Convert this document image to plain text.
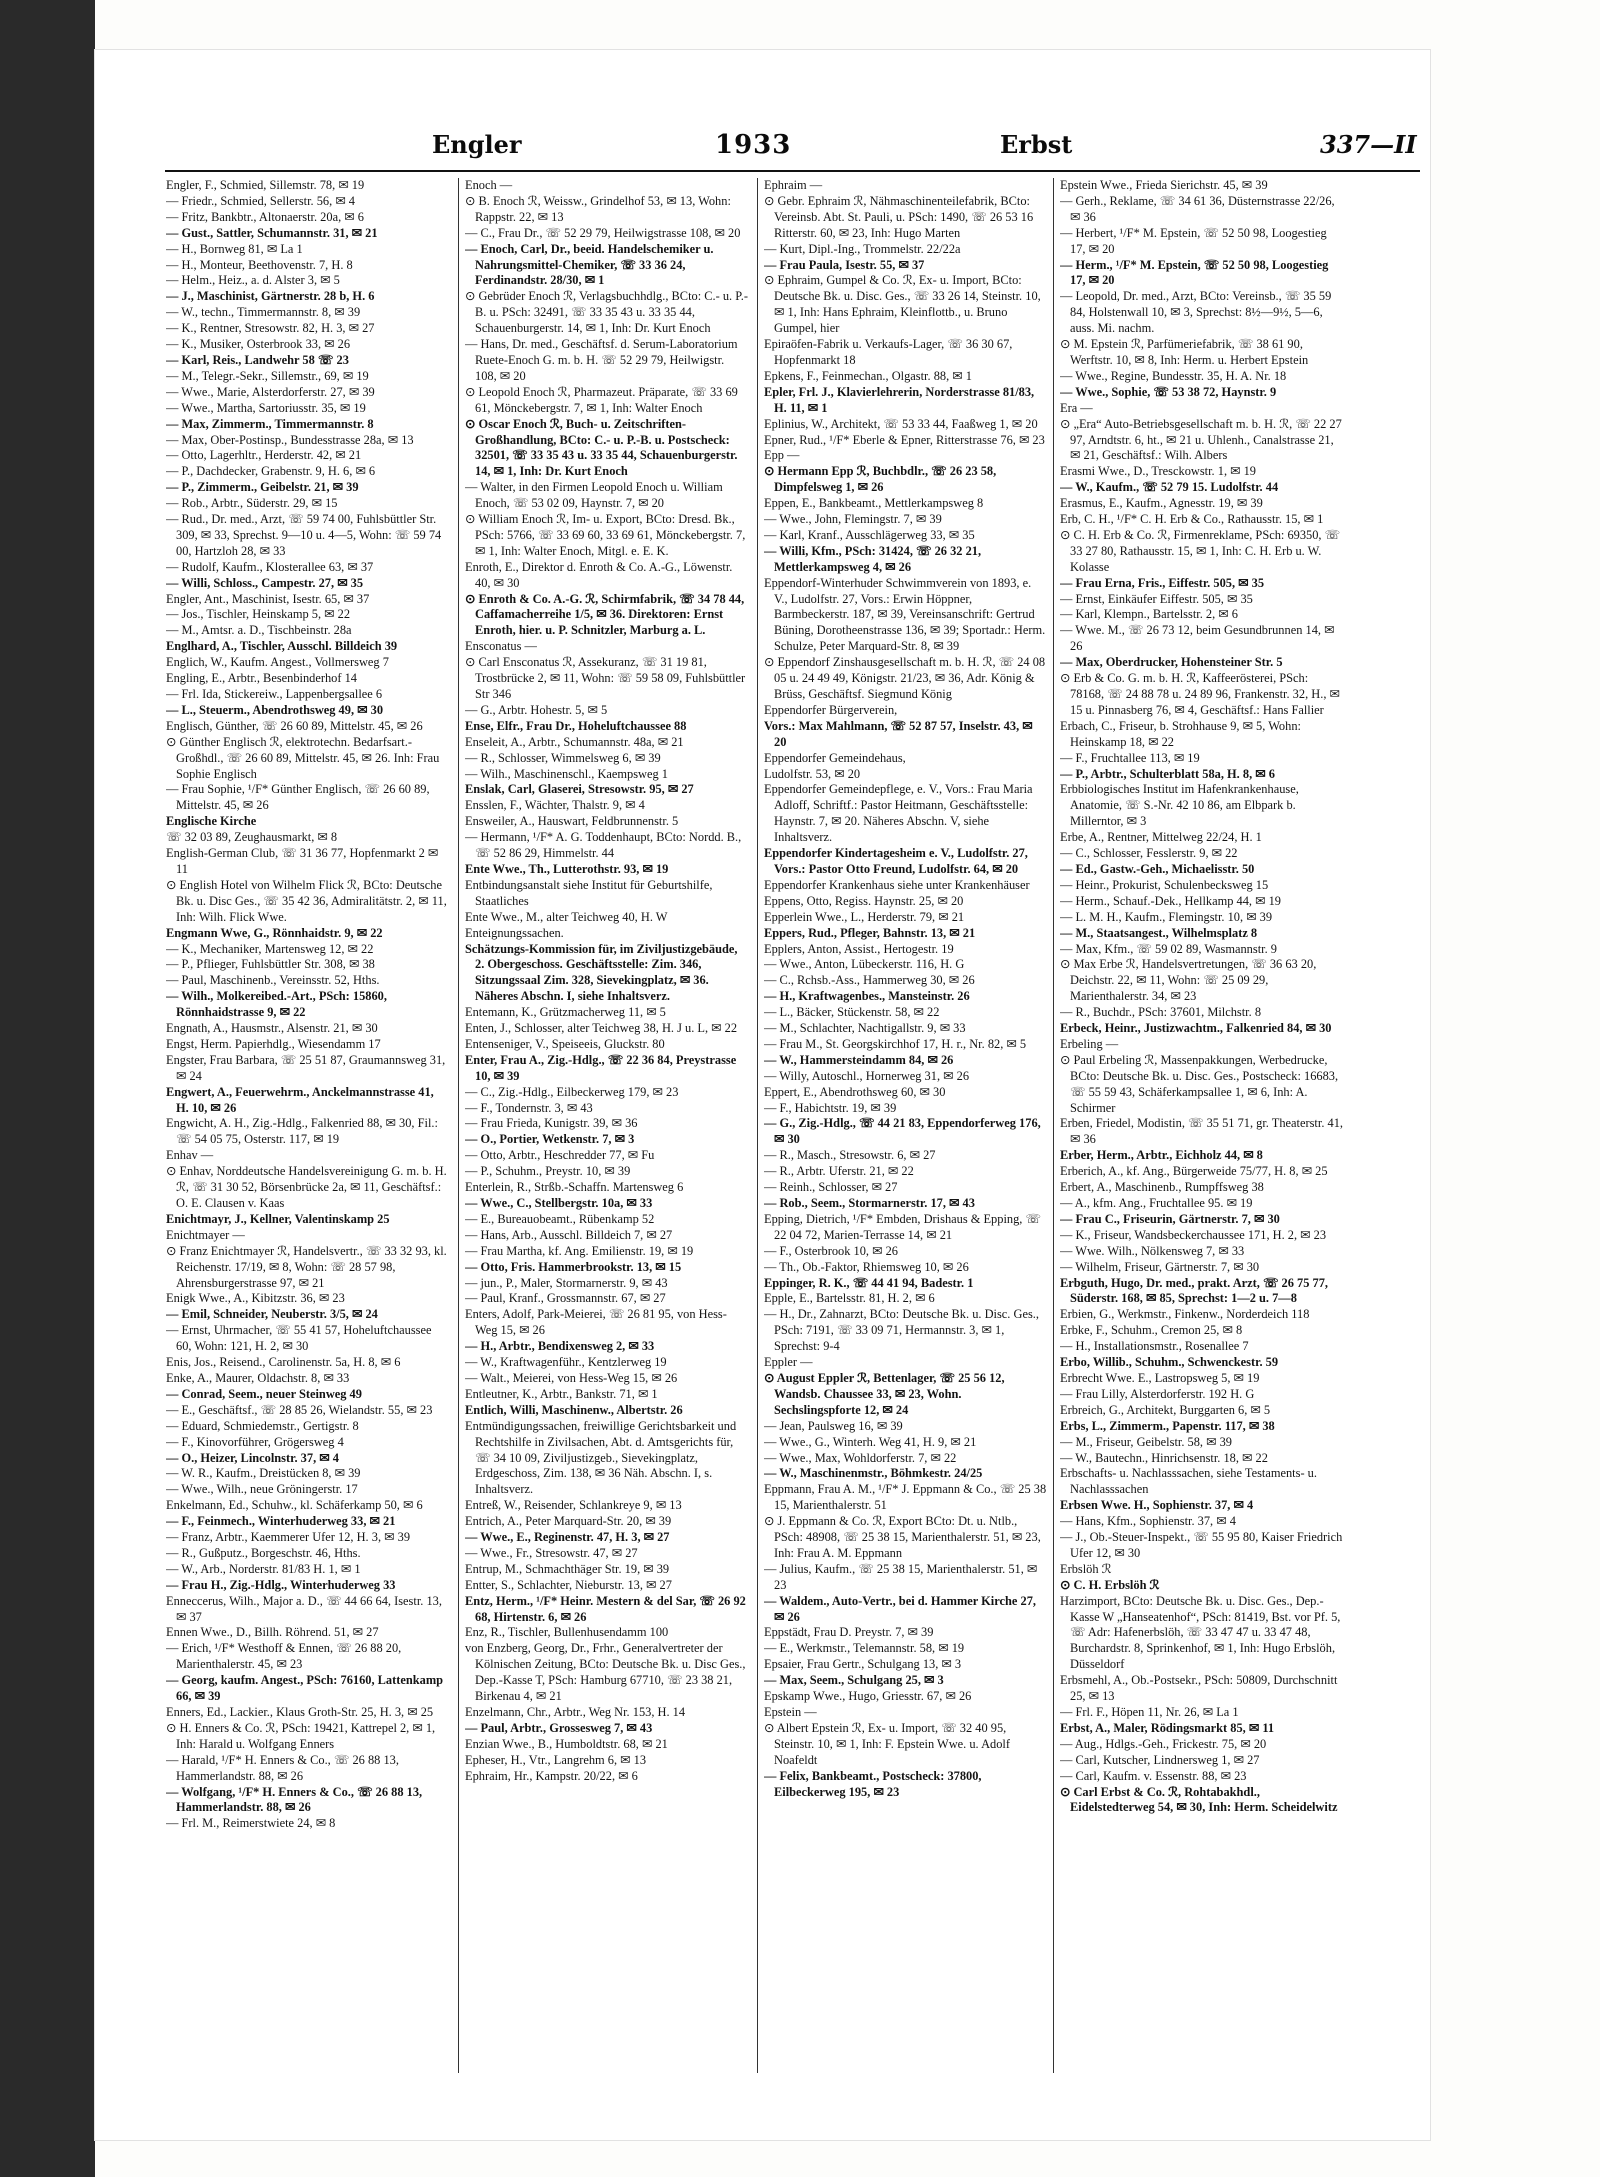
Engler	1933	Erbst	337—II

Engler, F., Schmied, Sillemstr. 78, ✉ 19

— Friedr., Schmied, Sellerstr. 56, ✉ 4

— Fritz, Bankbtr., Altonaerstr. 20a, ✉ 6

— Gust., Sattler, Schumannstr. 31, ✉ 21

— H., Bornweg 81, ✉ La 1

— H., Monteur, Beethovenstr. 7, H. 8

— Helm., Heiz., a. d. Alster 3, ✉ 5

— J., Maschinist, Gärtnerstr. 28 b, H. 6

— W., techn., Timmermannstr. 8, ✉ 39

— K., Rentner, Stresowstr. 82, H. 3, ✉ 27

— K., Musiker, Osterbrook 33, ✉ 26

— Karl, Reis., Landwehr 58 ☏ 23

— M., Telegr.-Sekr., Sillemstr., 69, ✉ 19

— Wwe., Marie, Alsterdorferstr. 27, ✉ 39

— Wwe., Martha, Sartoriusstr. 35, ✉ 19

— Max, Zimmerm., Timmermannstr. 8

— Max, Ober-Postinsp., Bundesstrasse 28a, ✉ 13

— Otto, Lagerhltr., Herderstr. 42, ✉ 21

— P., Dachdecker, Grabenstr. 9, H. 6, ✉ 6

— P., Zimmerm., Geibelstr. 21, ✉ 39

— Rob., Arbtr., Süderstr. 29, ✉ 15

— Rud., Dr. med., Arzt, ☏ 59 74 00, Fuhlsbüttler Str. 309, ✉ 33, Sprechst. 9—10 u. 4—5, Wohn: ☏ 59 74 00, Hartzloh 28, ✉ 33

— Rudolf, Kaufm., Klosterallee 63, ✉ 37

— Willi, Schloss., Campestr. 27, ✉ 35

Engler, Ant., Maschinist, Isestr. 65, ✉ 37

— Jos., Tischler, Heinskamp 5, ✉ 22

— M., Amtsr. a. D., Tischbeinstr. 28a

Englhard, A., Tischler, Ausschl. Billdeich 39

Englich, W., Kaufm. Angest., Vollmersweg 7

Engling, E., Arbtr., Besenbinderhof 14

— Frl. Ida, Stickereiw., Lappenbergsallee 6

— L., Steuerm., Abendrothsweg 49, ✉ 30

Englisch, Günther, ☏ 26 60 89, Mittelstr. 45, ✉ 26

⊙ Günther Englisch ℛ, elektrotechn. Bedarfsart.-Großhdl., ☏ 26 60 89, Mittelstr. 45, ✉ 26. Inh: Frau Sophie Englisch

— Frau Sophie, ¹/F* Günther Englisch, ☏ 26 60 89, Mittelstr. 45, ✉ 26

Englische Kirche

☏ 32 03 89, Zeughausmarkt, ✉ 8

English-German Club, ☏ 31 36 77, Hopfenmarkt 2 ✉ 11

⊙ English Hotel von Wilhelm Flick ℛ, BCto: Deutsche Bk. u. Disc Ges., ☏ 35 42 36, Admiralitätstr. 2, ✉ 11, Inh: Wilh. Flick Wwe.

Engmann Wwe, G., Rönnhaidstr. 9, ✉ 22

— K., Mechaniker, Martensweg 12, ✉ 22

— P., Pflieger, Fuhlsbüttler Str. 308, ✉ 38

— Paul, Maschinenb., Vereinsstr. 52, Hths.

— Wilh., Molkereibed.-Art., PSch: 15860, Rönnhaidstrasse 9, ✉ 22

Engnath, A., Hausmstr., Alsenstr. 21, ✉ 30

Engst, Herm. Papierhdlg., Wiesendamm 17

Engster, Frau Barbara, ☏ 25 51 87, Graumannsweg 31, ✉ 24

Engwert, A., Feuerwehrm., Anckelmannstrasse 41, H. 10, ✉ 26

Engwicht, A. H., Zig.-Hdlg., Falkenried 88, ✉ 30, Fil.: ☏ 54 05 75, Osterstr. 117, ✉ 19

Enhav —

⊙ Enhav, Norddeutsche Handelsvereinigung G. m. b. H. ℛ, ☏ 31 30 52, Börsenbrücke 2a, ✉ 11, Geschäftsf.: O. E. Clausen v. Kaas

Enichtmayr, J., Kellner, Valentinskamp 25

Enichtmayer —

⊙ Franz Enichtmayer ℛ, Handelsvertr., ☏ 33 32 93, kl. Reichenstr. 17/19, ✉ 8, Wohn: ☏ 28 57 98, Ahrensburgerstrasse 97, ✉ 21

Enigk Wwe., A., Kibitzstr. 36, ✉ 23

— Emil, Schneider, Neuberstr. 3/5, ✉ 24

— Ernst, Uhrmacher, ☏ 55 41 57, Hoheluftchaussee 60, Wohn: 121, H. 2, ✉ 30

Enis, Jos., Reisend., Carolinenstr. 5a, H. 8, ✉ 6

Enke, A., Maurer, Oldachstr. 8, ✉ 33

— Conrad, Seem., neuer Steinweg 49

— E., Geschäftsf., ☏ 28 85 26, Wielandstr. 55, ✉ 23

— Eduard, Schmiedemstr., Gertigstr. 8

— F., Kinovorführer, Grögersweg 4

— O., Heizer, Lincolnstr. 37, ✉ 4

— W. R., Kaufm., Dreistücken 8, ✉ 39

— Wwe., Wilh., neue Gröningerstr. 17

Enkelmann, Ed., Schuhw., kl. Schäferkamp 50, ✉ 6

— F., Feinmech., Winterhuderweg 33, ✉ 21

— Franz, Arbtr., Kaemmerer Ufer 12, H. 3, ✉ 39

— R., Gußputz., Borgeschstr. 46, Hths.

— W., Arb., Norderstr. 81/83 H. 1, ✉ 1

— Frau H., Zig.-Hdlg., Winterhuderweg 33

Enneccerus, Wilh., Major a. D., ☏ 44 66 64, Isestr. 13, ✉ 37

Ennen Wwe., D., Billh. Röhrend. 51, ✉ 27

— Erich, ¹/F* Westhoff & Ennen, ☏ 26 88 20, Marienthalerstr. 45, ✉ 23

— Georg, kaufm. Angest., PSch: 76160, Lattenkamp 66, ✉ 39

Enners, Ed., Lackier., Klaus Groth-Str. 25, H. 3, ✉ 25

⊙ H. Enners & Co. ℛ, PSch: 19421, Kattrepel 2, ✉ 1, Inh: Harald u. Wolfgang Enners

— Harald, ¹/F* H. Enners & Co., ☏ 26 88 13, Hammerlandstr. 88, ✉ 26

— Wolfgang, ¹/F* H. Enners & Co., ☏ 26 88 13, Hammerlandstr. 88, ✉ 26

— Frl. M., Reimerstwiete 24, ✉ 8

Enoch —

⊙ B. Enoch ℛ, Weissw., Grindelhof 53, ✉ 13, Wohn: Rappstr. 22, ✉ 13

— C., Frau Dr., ☏ 52 29 79, Heilwigstrasse 108, ✉ 20

— Enoch, Carl, Dr., beeid. Handelschemiker u. Nahrungsmittel-Chemiker, ☏ 33 36 24, Ferdinandstr. 28/30, ✉ 1

⊙ Gebrüder Enoch ℛ, Verlagsbuchhdlg., BCto: C.- u. P.-B. u. PSch: 32491, ☏ 33 35 43 u. 33 35 44, Schauenburgerstr. 14, ✉ 1, Inh: Dr. Kurt Enoch

— Hans, Dr. med., Geschäftsf. d. Serum-Laboratorium Ruete-Enoch G. m. b. H. ☏ 52 29 79, Heilwigstr. 108, ✉ 20

⊙ Leopold Enoch ℛ, Pharmazeut. Präparate, ☏ 33 69 61, Mönckebergstr. 7, ✉ 1, Inh: Walter Enoch

⊙ Oscar Enoch ℛ, Buch- u. Zeitschriften-Großhandlung, BCto: C.- u. P.-B. u. Postscheck: 32501, ☏ 33 35 43 u. 33 35 44, Schauenburgerstr. 14, ✉ 1, Inh: Dr. Kurt Enoch

— Walter, in den Firmen Leopold Enoch u. William Enoch, ☏ 53 02 09, Haynstr. 7, ✉ 20

⊙ William Enoch ℛ, Im- u. Export, BCto: Dresd. Bk., PSch: 5766, ☏ 33 69 60, 33 69 61, Mönckebergstr. 7, ✉ 1, Inh: Walter Enoch, Mitgl. e. E. K.

Enroth, E., Direktor d. Enroth & Co. A.-G., Löwenstr. 40, ✉ 30

⊙ Enroth & Co. A.-G. ℛ, Schirmfabrik, ☏ 34 78 44, Caffamacherreihe 1/5, ✉ 36. Direktoren: Ernst Enroth, hier. u. P. Schnitzler, Marburg a. L.

Ensconatus —

⊙ Carl Ensconatus ℛ, Assekuranz, ☏ 31 19 81, Trostbrücke 2, ✉ 11, Wohn: ☏ 59 58 09, Fuhlsbüttler Str 346

— G., Arbtr. Hohestr. 5, ✉ 5

Ense, Elfr., Frau Dr., Hoheluftchaussee 88

Enseleit, A., Arbtr., Schumannstr. 48a, ✉ 21

— R., Schlosser, Wimmelsweg 6, ✉ 39

— Wilh., Maschinenschl., Kaempsweg 1

Enslak, Carl, Glaserei, Stresowstr. 95, ✉ 27

Ensslen, F., Wächter, Thalstr. 9, ✉ 4

Ensweiler, A., Hauswart, Feldbrunnenstr. 5

— Hermann, ¹/F* A. G. Toddenhaupt, BCto: Nordd. B., ☏ 52 86 29, Himmelstr. 44

Ente Wwe., Th., Lutterothstr. 93, ✉ 19

Entbindungsanstalt siehe Institut für Geburtshilfe, Staatliches

Ente Wwe., M., alter Teichweg 40, H. W

Enteignungssachen.

Schätzungs-Kommission für, im Ziviljustizgebäude, 2. Obergeschoss. Geschäftsstelle: Zim. 346, Sitzungssaal Zim. 328, Sievekingplatz, ✉ 36. Näheres Abschn. I, siehe Inhaltsverz.

Entemann, K., Grützmacherweg 11, ✉ 5

Enten, J., Schlosser, alter Teichweg 38, H. J u. L, ✉ 22

Entenseniger, V., Speiseeis, Gluckstr. 80

Enter, Frau A., Zig.-Hdlg., ☏ 22 36 84, Preystrasse 10, ✉ 39

— C., Zig.-Hdlg., Eilbeckerweg 179, ✉ 23

— F., Tondernstr. 3, ✉ 43

— Frau Frieda, Kunigstr. 39, ✉ 36

— O., Portier, Wetkenstr. 7, ✉ 3

— Otto, Arbtr., Heschredder 77, ✉ Fu

— P., Schuhm., Preystr. 10, ✉ 39

Enterlein, R., Strßb.-Schaffn. Martensweg 6

— Wwe., C., Stellbergstr. 10a, ✉ 33

— E., Bureauobeamt., Rübenkamp 52

— Hans, Arb., Ausschl. Billdeich 7, ✉ 27

— Frau Martha, kf. Ang. Emilienstr. 19, ✉ 19

— Otto, Fris. Hammerbrookstr. 13, ✉ 15

— jun., P., Maler, Stormarnerstr. 9, ✉ 43

— Paul, Kranf., Grossmannstr. 67, ✉ 27

Enters, Adolf, Park-Meierei, ☏ 26 81 95, von Hess-Weg 15, ✉ 26

— H., Arbtr., Bendixensweg 2, ✉ 33

— W., Kraftwagenführ., Kentzlerweg 19

— Walt., Meierei, von Hess-Weg 15, ✉ 26

Entleutner, K., Arbtr., Bankstr. 71, ✉ 1

Entlich, Willi, Maschinenw., Albertstr. 26

Entmündigungssachen, freiwillige Gerichtsbarkeit und Rechtshilfe in Zivilsachen, Abt. d. Amtsgerichts für, ☏ 34 10 09, Ziviljustizgeb., Sievekingplatz, Erdgeschoss, Zim. 138, ✉ 36 Näh. Abschn. I, s. Inhaltsverz.

Entreß, W., Reisender, Schlankreye 9, ✉ 13

Entrich, A., Peter Marquard-Str. 20, ✉ 39

— Wwe., E., Reginenstr. 47, H. 3, ✉ 27

— Wwe., Fr., Stresowstr. 47, ✉ 27

Entrup, M., Schmachthäger Str. 19, ✉ 39

Entter, S., Schlachter, Nieburstr. 13, ✉ 27

Entz, Herm., ¹/F* Heinr. Mestern & del Sar, ☏ 26 92 68, Hirtenstr. 6, ✉ 26

Enz, R., Tischler, Bullenhusendamm 100

von Enzberg, Georg, Dr., Frhr., Generalvertreter der Kölnischen Zeitung, BCto: Deutsche Bk. u. Disc Ges., Dep.-Kasse T, PSch: Hamburg 67710, ☏ 23 38 21, Birkenau 4, ✉ 21

Enzelmann, Chr., Arbtr., Weg Nr. 153, H. 14

— Paul, Arbtr., Grossesweg 7, ✉ 43

Enzian Wwe., B., Humboldtstr. 68, ✉ 21

Epheser, H., Vtr., Langrehm 6, ✉ 13

Ephraim, Hr., Kampstr. 20/22, ✉ 6

Ephraim —

⊙ Gebr. Ephraim ℛ, Nähmaschinenteilefabrik, BCto: Vereinsb. Abt. St. Pauli, u. PSch: 1490, ☏ 26 53 16 Ritterstr. 60, ✉ 23, Inh: Hugo Marten

— Kurt, Dipl.-Ing., Trommelstr. 22/22a

— Frau Paula, Isestr. 55, ✉ 37

⊙ Ephraim, Gumpel & Co. ℛ, Ex- u. Import, BCto: Deutsche Bk. u. Disc. Ges., ☏ 33 26 14, Steinstr. 10, ✉ 1, Inh: Hans Ephraim, Kleinflottb., u. Bruno Gumpel, hier

Epiraöfen-Fabrik u. Verkaufs-Lager, ☏ 36 30 67, Hopfenmarkt 18

Epkens, F., Feinmechan., Olgastr. 88, ✉ 1

Epler, Frl. J., Klavierlehrerin, Norderstrasse 81/83, H. 11, ✉ 1

Eplinius, W., Architekt, ☏ 53 33 44, Faaßweg 1, ✉ 20

Epner, Rud., ¹/F* Eberle & Epner, Ritterstrasse 76, ✉ 23

Epp —

⊙ Hermann Epp ℛ, Buchbdlr., ☏ 26 23 58, Dimpfelsweg 1, ✉ 26

Eppen, E., Bankbeamt., Mettlerkampsweg 8

— Wwe., John, Flemingstr. 7, ✉ 39

— Karl, Kranf., Ausschlägerweg 33, ✉ 35

— Willi, Kfm., PSch: 31424, ☏ 26 32 21, Mettlerkampsweg 4, ✉ 26

Eppendorf-Winterhuder Schwimmverein von 1893, e. V., Ludolfstr. 27, Vors.: Erwin Höppner, Barmbeckerstr. 187, ✉ 39, Vereinsanschrift: Gertrud Büning, Dorotheenstrasse 136, ✉ 39; Sportadr.: Herm. Schulze, Peter Marquard-Str. 8, ✉ 39

⊙ Eppendorf Zinshausgesellschaft m. b. H. ℛ, ☏ 24 08 05 u. 24 49 49, Königstr. 21/23, ✉ 36, Adr. König & Brüss, Geschäftsf. Siegmund König

Eppendorfer Bürgerverein,

Vors.: Max Mahlmann, ☏ 52 87 57, Inselstr. 43, ✉ 20

Eppendorfer Gemeindehaus,

Ludolfstr. 53, ✉ 20

Eppendorfer Gemeindepflege, e. V., Vors.: Frau Maria Adloff, Schriftf.: Pastor Heitmann, Geschäftsstelle: Haynstr. 7, ✉ 20. Näheres Abschn. V, siehe Inhaltsverz.

Eppendorfer Kindertagesheim e. V., Ludolfstr. 27, Vors.: Pastor Otto Freund, Ludolfstr. 64, ✉ 20

Eppendorfer Krankenhaus siehe unter Krankenhäuser

Eppens, Otto, Regiss. Haynstr. 25, ✉ 20

Epperlein Wwe., L., Herderstr. 79, ✉ 21

Eppers, Rud., Pfleger, Bahnstr. 13, ✉ 21

Epplers, Anton, Assist., Hertogestr. 19

— Wwe., Anton, Lübeckerstr. 116, H. G

— C., Rchsb.-Ass., Hammerweg 30, ✉ 26

— H., Kraftwagenbes., Mansteinstr. 26

— L., Bäcker, Stückenstr. 58, ✉ 22

— M., Schlachter, Nachtigallstr. 9, ✉ 33

— Frau M., St. Georgskirchhof 17, H. r., Nr. 82, ✉ 5

— W., Hammersteindamm 84, ✉ 26

— Willy, Autoschl., Hornerweg 31, ✉ 26

Eppert, E., Abendrothsweg 60, ✉ 30

— F., Habichtstr. 19, ✉ 39

— G., Zig.-Hdlg., ☏ 44 21 83, Eppendorferweg 176, ✉ 30

— R., Masch., Stresowstr. 6, ✉ 27

— R., Arbtr. Uferstr. 21, ✉ 22

— Reinh., Schlosser, ✉ 27

— Rob., Seem., Stormarnerstr. 17, ✉ 43

Epping, Dietrich, ¹/F* Embden, Drishaus & Epping, ☏ 22 04 72, Marien-Terrasse 14, ✉ 21

— F., Osterbrook 10, ✉ 26

— Th., Ob.-Faktor, Rhiemsweg 10, ✉ 26

Eppinger, R. K., ☏ 44 41 94, Badestr. 1

Epple, E., Bartelsstr. 81, H. 2, ✉ 6

— H., Dr., Zahnarzt, BCto: Deutsche Bk. u. Disc. Ges., PSch: 7191, ☏ 33 09 71, Hermannstr. 3, ✉ 1, Sprechst: 9-4

Eppler —

⊙ August Eppler ℛ, Bettenlager, ☏ 25 56 12, Wandsb. Chaussee 33, ✉ 23, Wohn. Sechslingspforte 12, ✉ 24

— Jean, Paulsweg 16, ✉ 39

— Wwe., G., Winterh. Weg 41, H. 9, ✉ 21

— Wwe., Max, Wohldorferstr. 7, ✉ 22

— W., Maschinenmstr., Böhmkestr. 24/25

Eppmann, Frau A. M., ¹/F* J. Eppmann & Co., ☏ 25 38 15, Marienthalerstr. 51

⊙ J. Eppmann & Co. ℛ, Export BCto: Dt. u. Ntlb., PSch: 48908, ☏ 25 38 15, Marienthalerstr. 51, ✉ 23, Inh: Frau A. M. Eppmann

— Julius, Kaufm., ☏ 25 38 15, Marienthalerstr. 51, ✉ 23

— Waldem., Auto-Vertr., bei d. Hammer Kirche 27, ✉ 26

Eppstädt, Frau D. Preystr. 7, ✉ 39

— E., Werkmstr., Telemannstr. 58, ✉ 19

Epsaier, Frau Gertr., Schulgang 13, ✉ 3

— Max, Seem., Schulgang 25, ✉ 3

Epskamp Wwe., Hugo, Griesstr. 67, ✉ 26

Epstein —

⊙ Albert Epstein ℛ, Ex- u. Import, ☏ 32 40 95, Steinstr. 10, ✉ 1, Inh: F. Epstein Wwe. u. Adolf Noafeldt

— Felix, Bankbeamt., Postscheck: 37800, Eilbeckerweg 195, ✉ 23

Epstein Wwe., Frieda Sierichstr. 45, ✉ 39

— Gerh., Reklame, ☏ 34 61 36, Düsternstrasse 22/26, ✉ 36

— Herbert, ¹/F* M. Epstein, ☏ 52 50 98, Loogestieg 17, ✉ 20

— Herm., ¹/F* M. Epstein, ☏ 52 50 98, Loogestieg 17, ✉ 20

— Leopold, Dr. med., Arzt, BCto: Vereinsb., ☏ 35 59 84, Holstenwall 10, ✉ 3, Sprechst: 8½—9½, 5—6, auss. Mi. nachm.

⊙ M. Epstein ℛ, Parfümeriefabrik, ☏ 38 61 90, Werftstr. 10, ✉ 8, Inh: Herm. u. Herbert Epstein

— Wwe., Regine, Bundesstr. 35, H. A. Nr. 18

— Wwe., Sophie, ☏ 53 38 72, Haynstr. 9

Era —

⊙ „Era“ Auto-Betriebsgesellschaft m. b. H. ℛ, ☏ 22 27 97, Arndtstr. 6, ht., ✉ 21 u. Uhlenh., Canalstrasse 21, ✉ 21, Geschäftsf.: Wilh. Albers

Erasmi Wwe., D., Tresckowstr. 1, ✉ 19

— W., Kaufm., ☏ 52 79 15. Ludolfstr. 44

Erasmus, E., Kaufm., Agnesstr. 19, ✉ 39

Erb, C. H., ¹/F* C. H. Erb & Co., Rathausstr. 15, ✉ 1

⊙ C. H. Erb & Co. ℛ, Firmenreklame, PSch: 69350, ☏ 33 27 80, Rathausstr. 15, ✉ 1, Inh: C. H. Erb u. W. Kolasse

— Frau Erna, Fris., Eiffestr. 505, ✉ 35

— Ernst, Einkäufer Eiffestr. 505, ✉ 35

— Karl, Klempn., Bartelsstr. 2, ✉ 6

— Wwe. M., ☏ 26 73 12, beim Gesundbrunnen 14, ✉ 26

— Max, Oberdrucker, Hohensteiner Str. 5

⊙ Erb & Co. G. m. b. H. ℛ, Kaffeerösterei, PSch: 78168, ☏ 24 88 78 u. 24 89 96, Frankenstr. 32, H., ✉ 15 u. Pinnasberg 76, ✉ 4, Geschäftsf.: Hans Fallier

Erbach, C., Friseur, b. Strohhause 9, ✉ 5, Wohn: Heinskamp 18, ✉ 22

— F., Fruchtallee 113, ✉ 19

— P., Arbtr., Schulterblatt 58a, H. 8, ✉ 6

Erbbiologisches Institut im Hafenkrankenhause, Anatomie, ☏ S.-Nr. 42 10 86, am Elbpark b. Millerntor, ✉ 3

Erbe, A., Rentner, Mittelweg 22/24, H. 1

— C., Schlosser, Fesslerstr. 9, ✉ 22

— Ed., Gastw.-Geh., Michaelisstr. 50

— Heinr., Prokurist, Schulenbecksweg 15

— Herm., Schauf.-Dek., Hellkamp 44, ✉ 19

— L. M. H., Kaufm., Flemingstr. 10, ✉ 39

— M., Staatsangest., Wilhelmsplatz 8

— Max, Kfm., ☏ 59 02 89, Wasmannstr. 9

⊙ Max Erbe ℛ, Handelsvertretungen, ☏ 36 63 20, Deichstr. 22, ✉ 11, Wohn: ☏ 25 09 29, Marienthalerstr. 34, ✉ 23

— R., Buchdr., PSch: 37601, Milchstr. 8

Erbeck, Heinr., Justizwachtm., Falkenried 84, ✉ 30

Erbeling —

⊙ Paul Erbeling ℛ, Massenpakkungen, Werbedrucke, BCto: Deutsche Bk. u. Disc. Ges., Postscheck: 16683, ☏ 55 59 43, Schäferkampsallee 1, ✉ 6, Inh: A. Schirmer

Erben, Friedel, Modistin, ☏ 35 51 71, gr. Theaterstr. 41, ✉ 36

Erber, Herm., Arbtr., Eichholz 44, ✉ 8

Erberich, A., kf. Ang., Bürgerweide 75/77, H. 8, ✉ 25

Erbert, A., Maschinenb., Rumpffsweg 38

— A., kfm. Ang., Fruchtallee 95. ✉ 19

— Frau C., Friseurin, Gärtnerstr. 7, ✉ 30

— K., Friseur, Wandsbeckerchaussee 171, H. 2, ✉ 23

— Wwe. Wilh., Nölkensweg 7, ✉ 33

— Wilhelm, Friseur, Gärtnerstr. 7, ✉ 30

Erbguth, Hugo, Dr. med., prakt. Arzt, ☏ 26 75 77, Süderstr. 168, ✉ 85, Sprechst: 1—2 u. 7—8

Erbien, G., Werkmstr., Finkenw., Norderdeich 118

Erbke, F., Schuhm., Cremon 25, ✉ 8

— H., Installationsmstr., Rosenallee 7

Erbo, Willib., Schuhm., Schwenckestr. 59

Erbrecht Wwe. E., Lastropsweg 5, ✉ 19

— Frau Lilly, Alsterdorferstr. 192 H. G

Erbreich, G., Architekt, Burggarten 6, ✉ 5

Erbs, L., Zimmerm., Papenstr. 117, ✉ 38

— M., Friseur, Geibelstr. 58, ✉ 39

— W., Bautechn., Hinrichsenstr. 18, ✉ 22

Erbschafts- u. Nachlasssachen, siehe Testaments- u. Nachlasssachen

Erbsen Wwe. H., Sophienstr. 37, ✉ 4

— Hans, Kfm., Sophienstr. 37, ✉ 4

— J., Ob.-Steuer-Inspekt., ☏ 55 95 80, Kaiser Friedrich Ufer 12, ✉ 30

Erbslöh ℛ

⊙ C. H. Erbslöh ℛ

Harzimport, BCto: Deutsche Bk. u. Disc. Ges., Dep.-Kasse W „Hanseatenhof“, PSch: 81419, Bst. vor Pf. 5, ☏ Adr: Hafenerbslöh, ☏ 33 47 47 u. 33 47 48, Burchardstr. 8, Sprinkenhof, ✉ 1, Inh: Hugo Erbslöh, Düsseldorf

Erbsmehl, A., Ob.-Postsekr., PSch: 50809, Durchschnitt 25, ✉ 13

— Frl. F., Höpen 11, Nr. 26, ✉ La 1

Erbst, A., Maler, Rödingsmarkt 85, ✉ 11

— Aug., Hdlgs.-Geh., Frickestr. 75, ✉ 20

— Carl, Kutscher, Lindnersweg 1, ✉ 27

— Carl, Kaufm. v. Essenstr. 88, ✉ 23

⊙ Carl Erbst & Co. ℛ, Rohtabakhdl., Eidelstedterweg 54, ✉ 30, Inh: Herm. Scheidelwitz
